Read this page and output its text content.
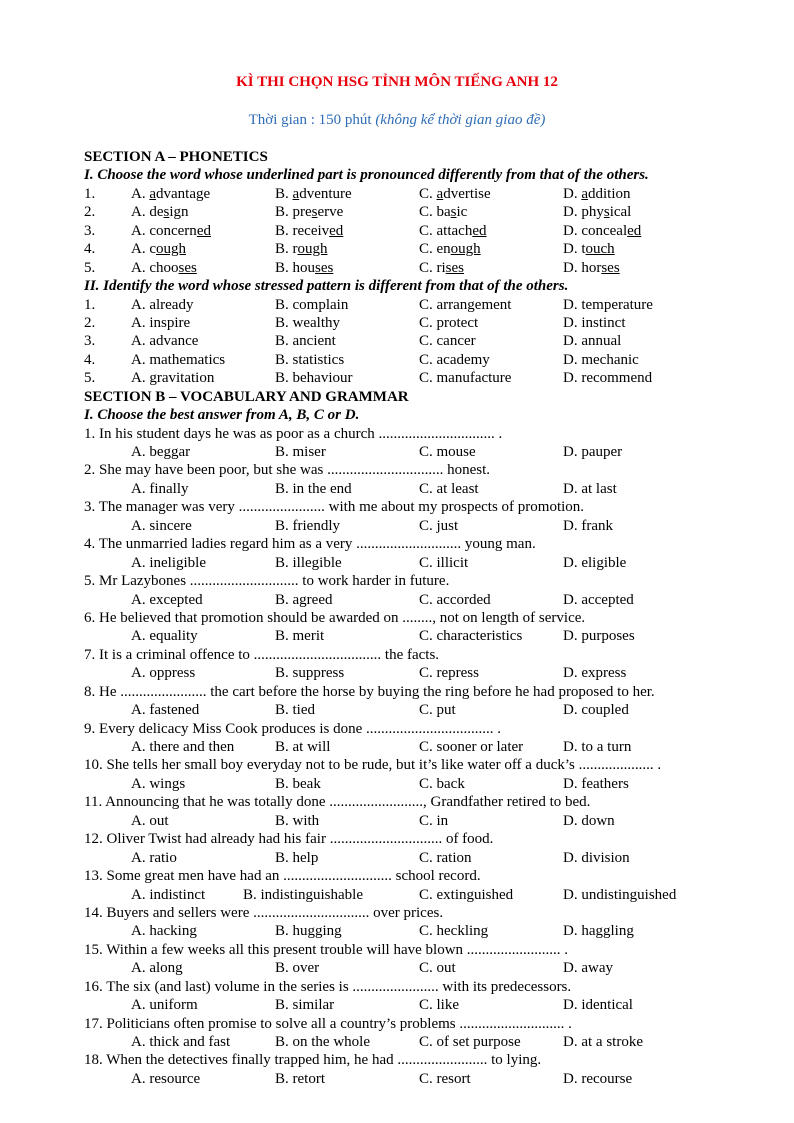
KÌ THI CHỌN HSG TỈNH MÔN TIẾNG ANH 12
Thời gian : 150 phút (không kể thời gian giao đề)
SECTION A – PHONETICS
I. Choose the word whose underlined part is pronounced differently from that of the others.
1. A. advantage	B. adventure	C. advertise	D. addition
2. A. design	B. preserve	C. basic	D. physical
3. A. concerned	B. received	C. attached	D. concealed
4. A. cough	B. rough	C. enough	D. touch
5. A. chooses	B. houses	C. rises	D. horses
II. Identify the word whose stressed pattern is different from that of the others.
1. A. already	B. complain	C. arrangement	D. temperature
2. A. inspire	B. wealthy	C. protect	D. instinct
3. A. advance	B. ancient	C. cancer	D. annual
4. A. mathematics	B. statistics	C. academy	D. mechanic
5. A. gravitation	B. behaviour	C. manufacture	D. recommend
SECTION B – VOCABULARY AND GRAMMAR
I. Choose the best answer from A, B, C or D.
1. In his student days he was as poor as a church ............................... .
A. beggar	B. miser	C. mouse	D. pauper
2. She may have been poor, but she was ............................... honest.
A. finally	B. in the end	C. at least	D. at last
3. The manager was very ....................... with me about my prospects of promotion.
A. sincere	B. friendly	C. just	D. frank
4. The unmarried ladies regard him as a very ............................ young man.
A. ineligible	B. illegible	C. illicit	D. eligible
5. Mr Lazybones ............................. to work harder in future.
A. excepted	B. agreed	C. accorded	D. accepted
6. He believed that promotion should be awarded on ........, not on length of service.
A. equality	B. merit	C. characteristics	D. purposes
7. It is a criminal offence to .................................. the facts.
A. oppress	B. suppress	C. repress	D. express
8. He ....................... the cart before the horse by buying the ring before he had proposed to her.
A. fastened	B. tied	C. put	D. coupled
9. Every delicacy Miss Cook produces is done .................................. .
A. there and then	B. at will	C. sooner or later	D. to a turn
10. She tells her small boy everyday not to be rude, but it’s like water off a duck’s .................... .
A. wings	B. beak	C. back	D. feathers
11. Announcing that he was totally done ........................., Grandfather retired to bed.
A. out	B. with	C. in	D. down
12. Oliver Twist had already had his fair .............................. of food.
A. ratio	B. help	C. ration	D. division
13. Some great men have had an ............................. school record.
A. indistinct	B. indistinguishable	C. extinguished	D. undistinguished
14. Buyers and sellers were ............................... over prices.
A. hacking	B. hugging	C. heckling	D. haggling
15. Within a few weeks all this present trouble will have blown ......................... .
A. along	B. over	C. out	D. away
16. The six (and last) volume in the series is ....................... with its predecessors.
A. uniform	B. similar	C. like	D. identical
17. Politicians often promise to solve all a country’s problems ............................ .
A. thick and fast	B. on the whole	C. of set purpose	D. at a stroke
18. When the detectives finally trapped him, he had ........................ to lying.
A. resource	B. retort	C. resort	D. recourse
